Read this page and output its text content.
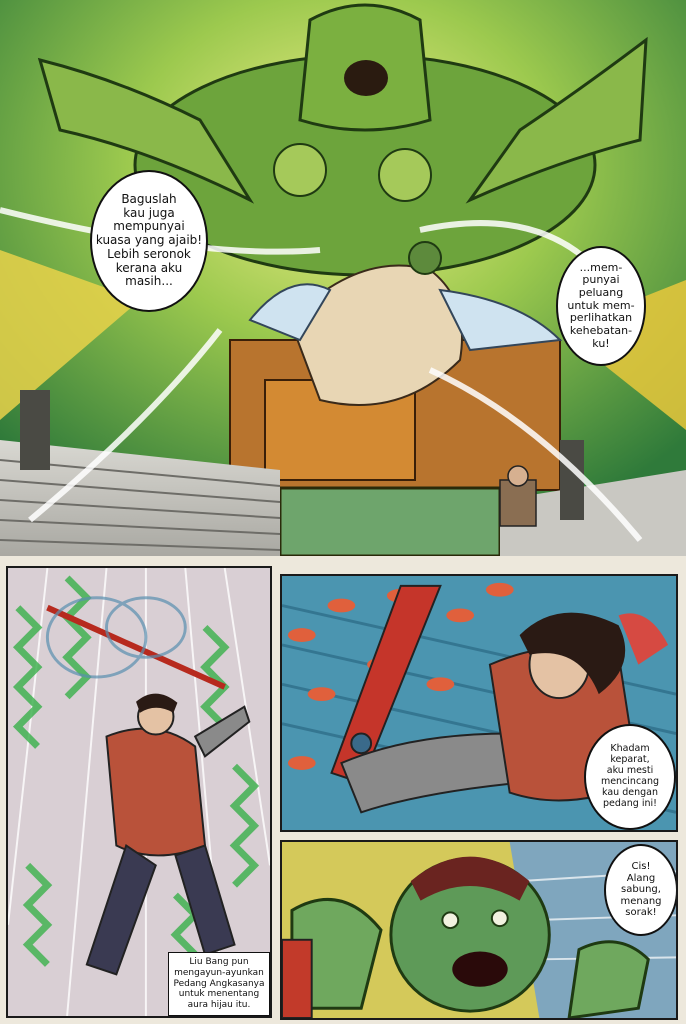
Baguslah
kau juga
mempunyai
kuasa yang ajaib!
Lebih seronok
kerana aku
masih...
...mem-
punyai
peluang
untuk mem-
perlihatkan
kehebatan-
ku!
Liu Bang pun
mengayun-ayunkan
Pedang Angkasanya
untuk menentang
aura hijau itu.
Khadam
keparat,
aku mesti
mencincang
kau dengan
pedang ini!
Cis!
Alang
sabung,
menang
sorak!
